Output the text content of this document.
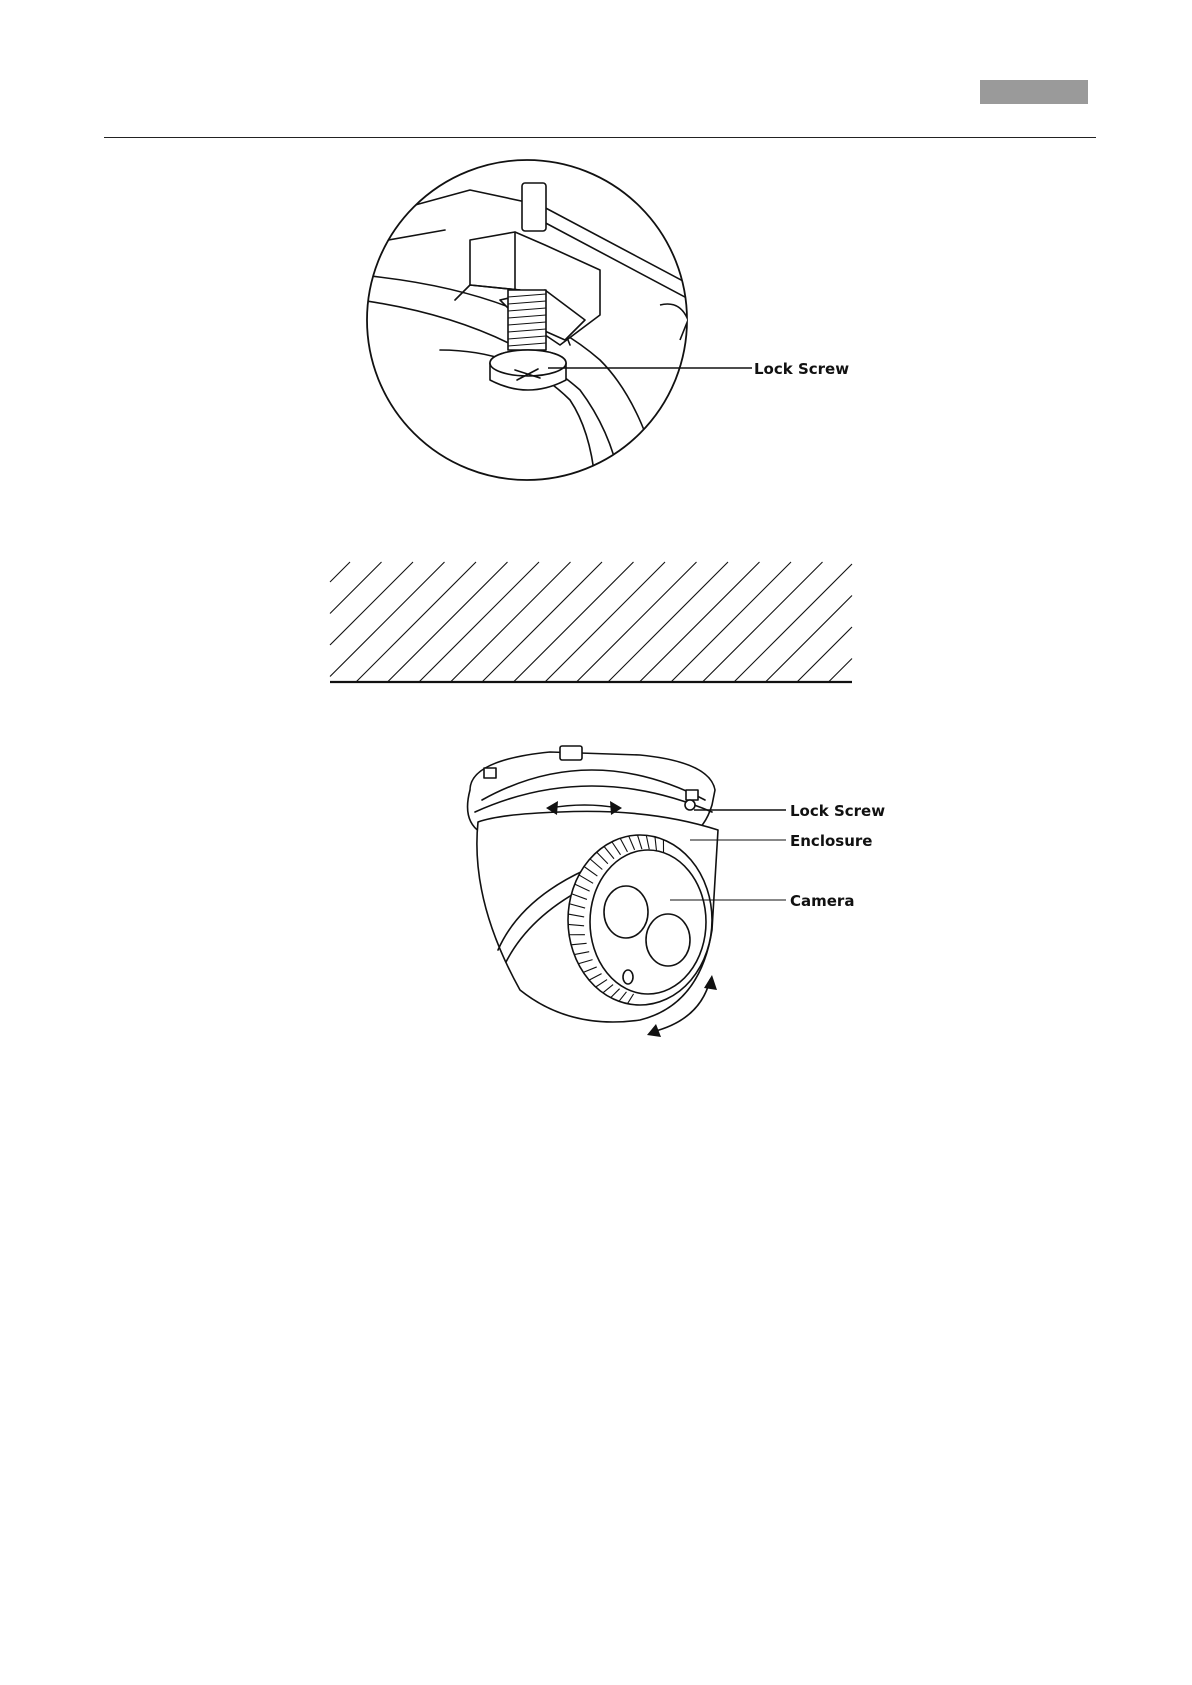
Lock Screw
Lock Screw
Enclosure
Camera
